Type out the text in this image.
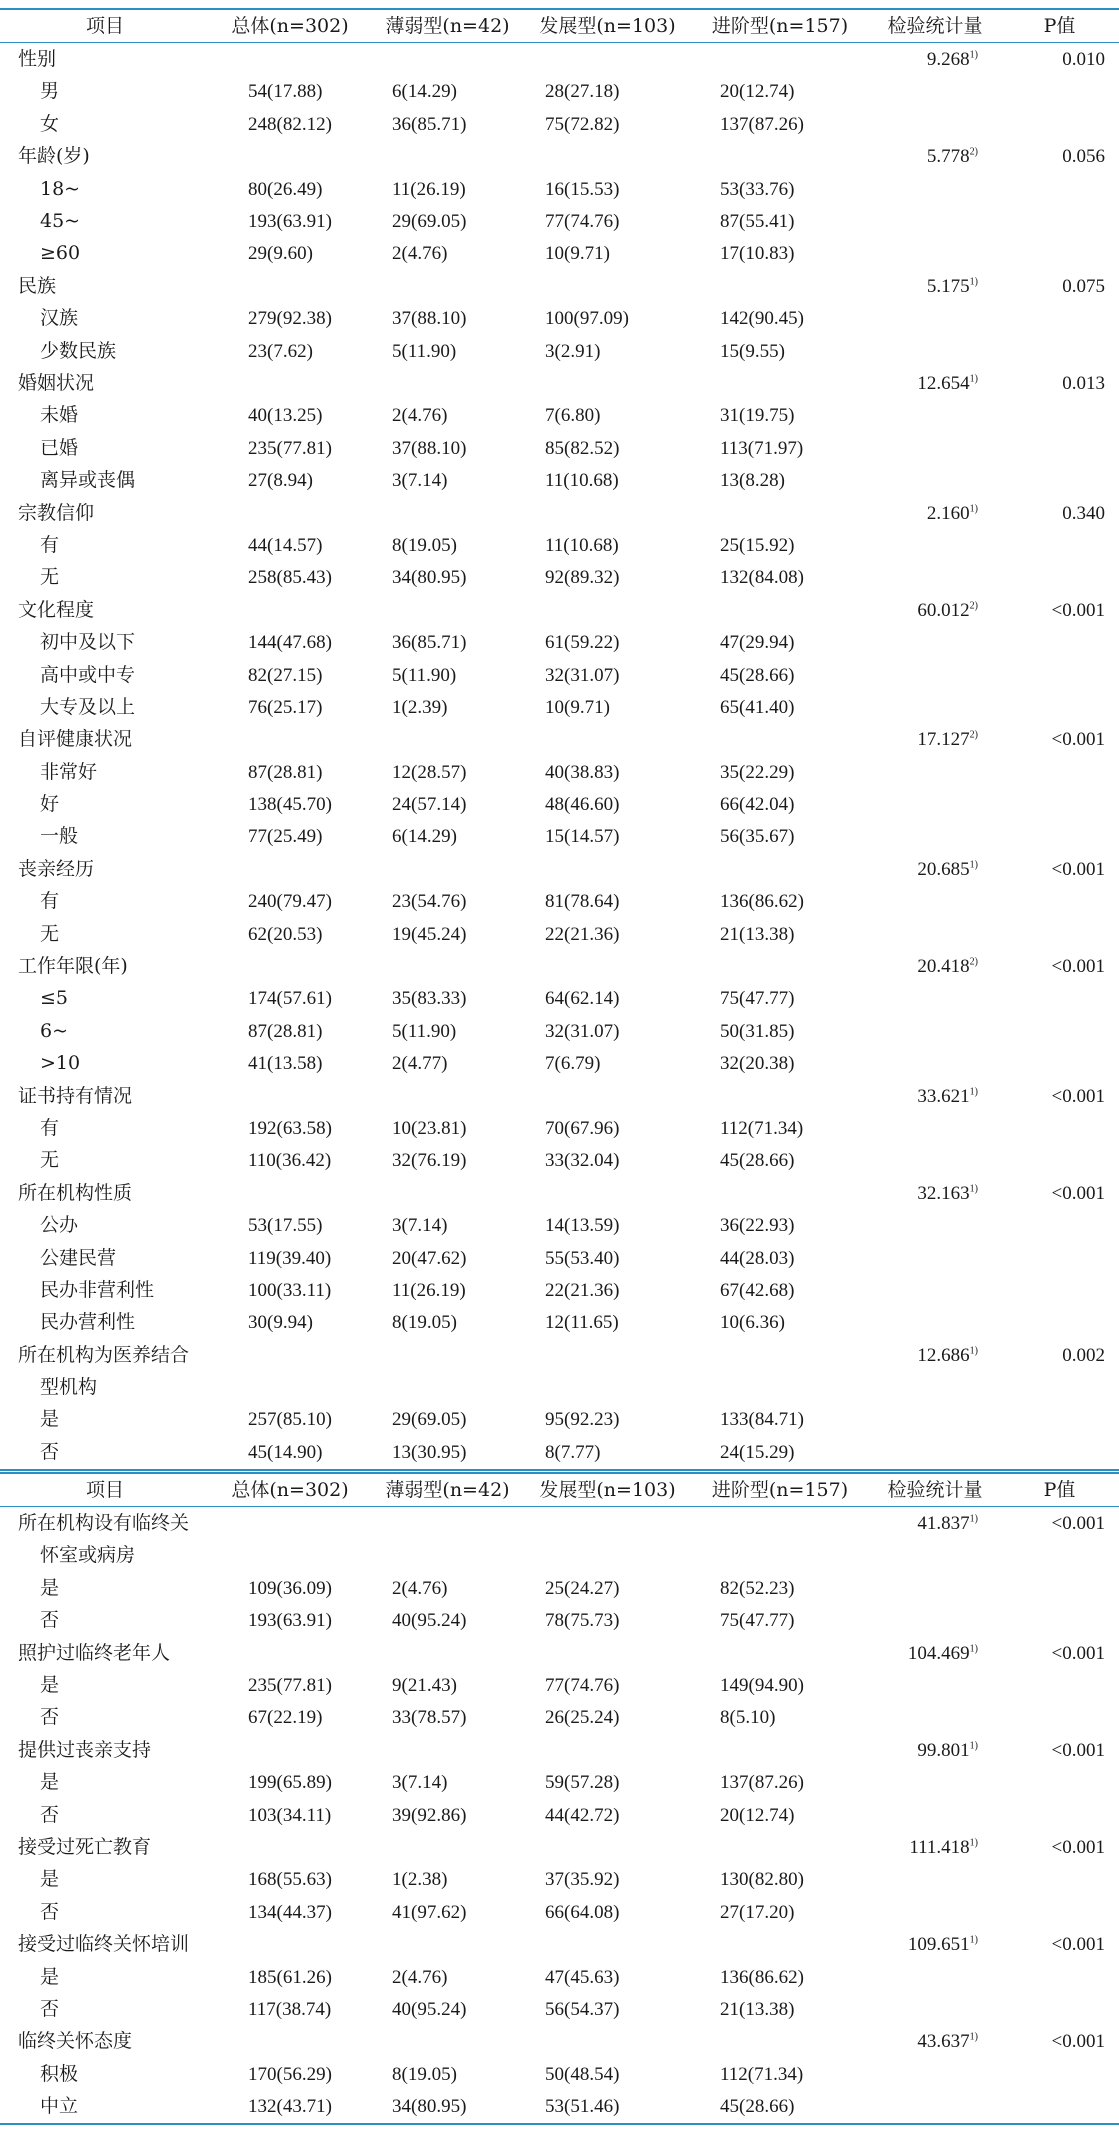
项目	总体(n=302)	薄弱型(n=42)	发展型(n=103)	进阶型(n=157)	检验统计量	P值
性别					9.268$^{1)}$	0.010
男	54(17.88)	6(14.29)	28(27.18)	20(12.74)		
女	248(82.12)	36(85.71)	75(72.82)	137(87.26)		
年龄(岁)					5.778$^{2)}$	0.056
18~	80(26.49)	11(26.19)	16(15.53)	53(33.76)		
45~	193(63.91)	29(69.05)	77(74.76)	87(55.41)		
≥60	29(9.60)	2(4.76)	10(9.71)	17(10.83)		
民族					5.175$^{1)}$	0.075
汉族	279(92.38)	37(88.10)	100(97.09)	142(90.45)		
少数民族	23(7.62)	5(11.90)	3(2.91)	15(9.55)		
婚姻状况					12.654$^{1)}$	0.013
未婚	40(13.25)	2(4.76)	7(6.80)	31(19.75)		
已婚	235(77.81)	37(88.10)	85(82.52)	113(71.97)		
离异或丧偶	27(8.94)	3(7.14)	11(10.68)	13(8.28)		
宗教信仰					2.160$^{1)}$	0.340
有	44(14.57)	8(19.05)	11(10.68)	25(15.92)		
无	258(85.43)	34(80.95)	92(89.32)	132(84.08)		
文化程度					$60.012^{2)}$	<0.001
初中及以下	144(47.68)	36(85.71)	61(59.22)	47(29.94)		
高中或中专	82(27.15)	5(11.90)	32(31.07)	45(28.66)		
大专及以上	76(25.17)	1(2.39)	10(9.71)	65(41.40)		
自评健康状况					$17.127^{2)}$	<0.001
非常好	87(28.81)	12(28.57)	40(38.83)	35(22.29)		
好	138(45.70)	24(57.14)	48(46.60)	66(42.04)		
一般	77(25.49)	6(14.29)	15(14.57)	56(35.67)		
丧亲经历					$20.685^{1)}$	<0.001
有	240(79.47)	23(54.76)	81(78.64)	136(86.62)		
无	62(20.53)	19(45.24)	22(21.36)	21(13.38)		
工作年限(年)					$20.418^{2)}$	<0.001
≤5	174(57.61)	35(83.33)	64(62.14)	75(47.77)		
6~	87(28.81)	5(11.90)	32(31.07)	50(31.85)		
>10	41(13.58)	2(4.77)	7(6.79)	32(20.38)		
证书持有情况					$33.621^{1)}$	<0.001
有	192(63.58)	10(23.81)	70(67.96)	112(71.34)		
无	110(36.42)	32(76.19)	33(32.04)	45(28.66)		
所在机构性质					$32.163^{1)}$	<0.001
公办	53(17.55)	3(7.14)	14(13.59)	36(22.93)		
公建民营	119(39.40)	20(47.62)	55(53.40)	44(28.03)		
民办非营利性	100(33.11)	11(26.19)	22(21.36)	67(42.68)		
民办营利性	30(9.94)	8(19.05)	12(11.65)	10(6.36)		
所在机构为医养结合					12.686$^{1)}$	0.002
型机构						
是	257(85.10)	29(69.05)	95(92.23)	133(84.71)		
否	45(14.90)	13(30.95)	8(7.77)	24(15.29)		
项目	总体(n=302)	薄弱型(n=42)	发展型(n=103)	进阶型(n=157)	检验统计量	P值
所在机构设有临终关					$41.837^{1)}$	<0.001
怀室或病房						
是	109(36.09)	2(4.76)	25(24.27)	82(52.23)		
否	193(63.91)	40(95.24)	78(75.73)	75(47.77)		
照护过临终老年人					$104.469^{1)}$	<0.001
是	235(77.81)	9(21.43)	77(74.76)	149(94.90)		
否	67(22.19)	33(78.57)	26(25.24)	8(5.10)		
提供过丧亲支持					$99.801^{1)}$	<0.001
是	199(65.89)	3(7.14)	59(57.28)	137(87.26)		
否	103(34.11)	39(92.86)	44(42.72)	20(12.74)		
接受过死亡教育					$111.418^{1)}$	<0.001
是	168(55.63)	1(2.38)	37(35.92)	130(82.80)		
否	134(44.37)	41(97.62)	66(64.08)	27(17.20)		
接受过临终关怀培训					$109.651^{1)}$	<0.001
是	185(61.26)	2(4.76)	47(45.63)	136(86.62)		
否	117(38.74)	40(95.24)	56(54.37)	21(13.38)		
临终关怀态度					$43.637^{1)}$	<0.001
积极	170(56.29)	8(19.05)	50(48.54)	112(71.34)		
中立	132(43.71)	34(80.95)	53(51.46)	45(28.66)		
